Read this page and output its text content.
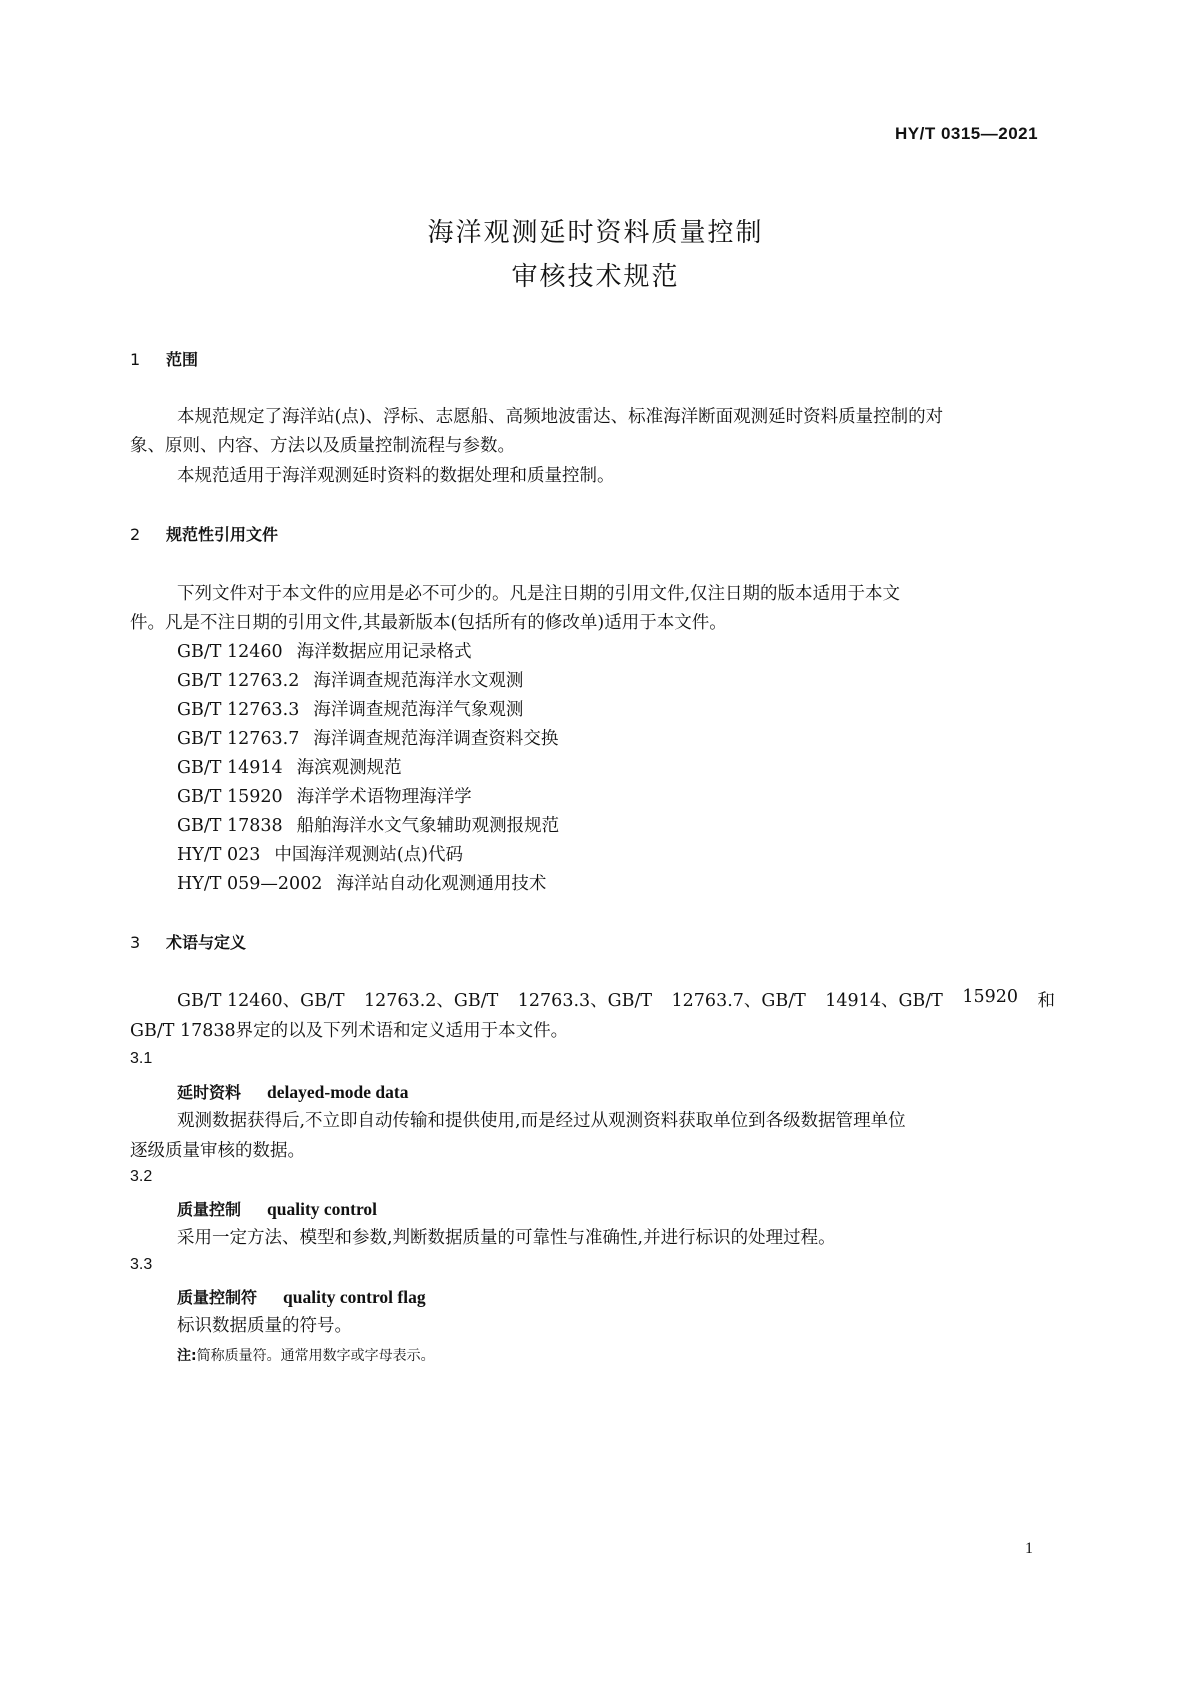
HY/T 0315—2021
海洋观测延时资料质量控制
审核技术规范
1 范围
本规范规定了海洋站(点)、浮标、志愿船、高频地波雷达、标准海洋断面观测延时资料质量控制的对
象、原则、内容、方法以及质量控制流程与参数。
本规范适用于海洋观测延时资料的数据处理和质量控制。
2 规范性引用文件
下列文件对于本文件的应用是必不可少的。凡是注日期的引用文件,仅注日期的版本适用于本文
件。凡是不注日期的引用文件,其最新版本(包括所有的修改单)适用于本文件。
GB/T 12460 海洋数据应用记录格式
GB/T 12763.2 海洋调查规范海洋水文观测
GB/T 12763.3 海洋调查规范海洋气象观测
GB/T 12763.7 海洋调查规范海洋调查资料交换
GB/T 14914 海滨观测规范
GB/T 15920 海洋学术语物理海洋学
GB/T 17838 船舶海洋水文气象辅助观测报规范
HY/T 023 中国海洋观测站(点)代码
HY/T 059—2002 海洋站自动化观测通用技术
3 术语与定义
GB/T 12460、GB/T 12763.2、GB/T 12763.3、GB/T 12763.7、GB/T 14914、GB/T 15920 和
GB/T 17838界定的以及下列术语和定义适用于本文件。
3.1
延时资料 delayed-mode data
观测数据获得后,不立即自动传输和提供使用,而是经过从观测资料获取单位到各级数据管理单位
逐级质量审核的数据。
3.2
质量控制 quality control
采用一定方法、模型和参数,判断数据质量的可靠性与准确性,并进行标识的处理过程。
3.3
质量控制符 quality control flag
标识数据质量的符号。
注:简称质量符。通常用数字或字母表示。
1
